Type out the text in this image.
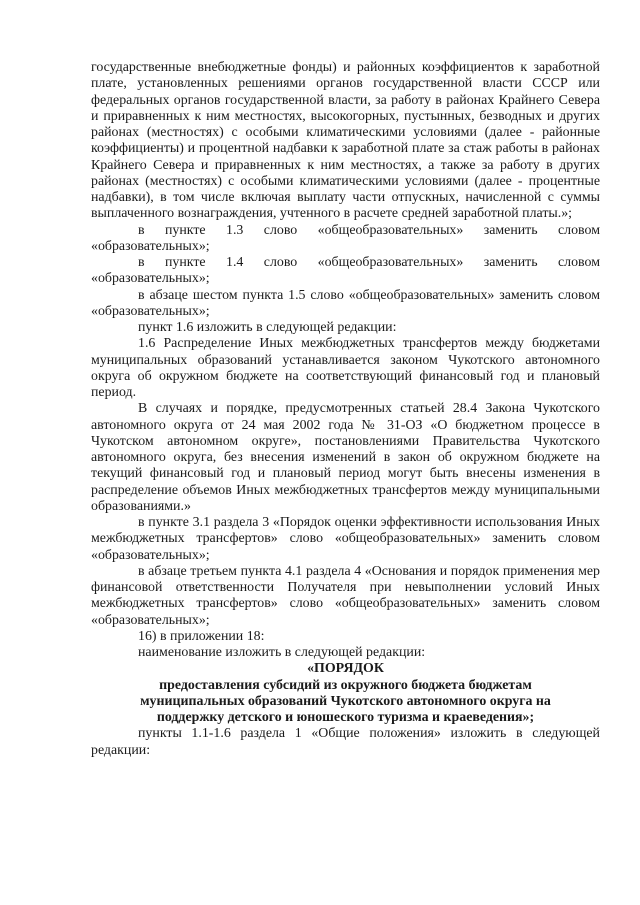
государственные внебюджетные фонды) и районных коэффициентов к заработной плате, установленных решениями органов государственной власти СССР или федеральных органов государственной власти, за работу в районах Крайнего Севера и приравненных к ним местностях, высокогорных, пустынных, безводных и других районах (местностях) с особыми климатическими условиями (далее - районные коэффициенты) и процентной надбавки к заработной плате за стаж работы в районах Крайнего Севера и приравненных к ним местностях, а также за работу в других районах (местностях) с особыми климатическими условиями (далее - процентные надбавки), в том числе включая выплату части отпускных, начисленной с суммы выплаченного вознаграждения, учтенного в расчете средней заработной платы.»;

в пункте 1.3 слово «общеобразовательных» заменить словом «образовательных»;

в пункте 1.4 слово «общеобразовательных» заменить словом «образовательных»;

в абзаце шестом пункта 1.5 слово «общеобразовательных» заменить словом «образовательных»;

пункт 1.6 изложить в следующей редакции:

1.6 Распределение Иных межбюджетных трансфертов между бюджетами муниципальных образований устанавливается законом Чукотского автономного округа об окружном бюджете на соответствующий финансовый год и плановый период.

В случаях и порядке, предусмотренных статьей 28.4 Закона Чукотского автономного округа от 24 мая 2002 года № 31-ОЗ «О бюджетном процессе в Чукотском автономном округе», постановлениями Правительства Чукотского автономного округа, без внесения изменений в закон об окружном бюджете на текущий финансовый год и плановый период могут быть внесены изменения в распределение объемов Иных межбюджетных трансфертов между муниципальными образованиями.»

в пункте 3.1 раздела 3 «Порядок оценки эффективности использования Иных межбюджетных трансфертов» слово «общеобразовательных» заменить словом «образовательных»;

в абзаце третьем пункта 4.1 раздела 4 «Основания и порядок применения мер финансовой ответственности Получателя при невыполнении условий Иных межбюджетных трансфертов» слово «общеобразовательных» заменить словом «образовательных»;

16) в приложении 18:

наименование изложить в следующей редакции:

«ПОРЯДОК

предоставления субсидий из окружного бюджета бюджетам

муниципальных образований Чукотского автономного округа на

поддержку детского и юношеского туризма и краеведения»;

пункты 1.1-1.6 раздела 1 «Общие положения» изложить в следующей редакции:
